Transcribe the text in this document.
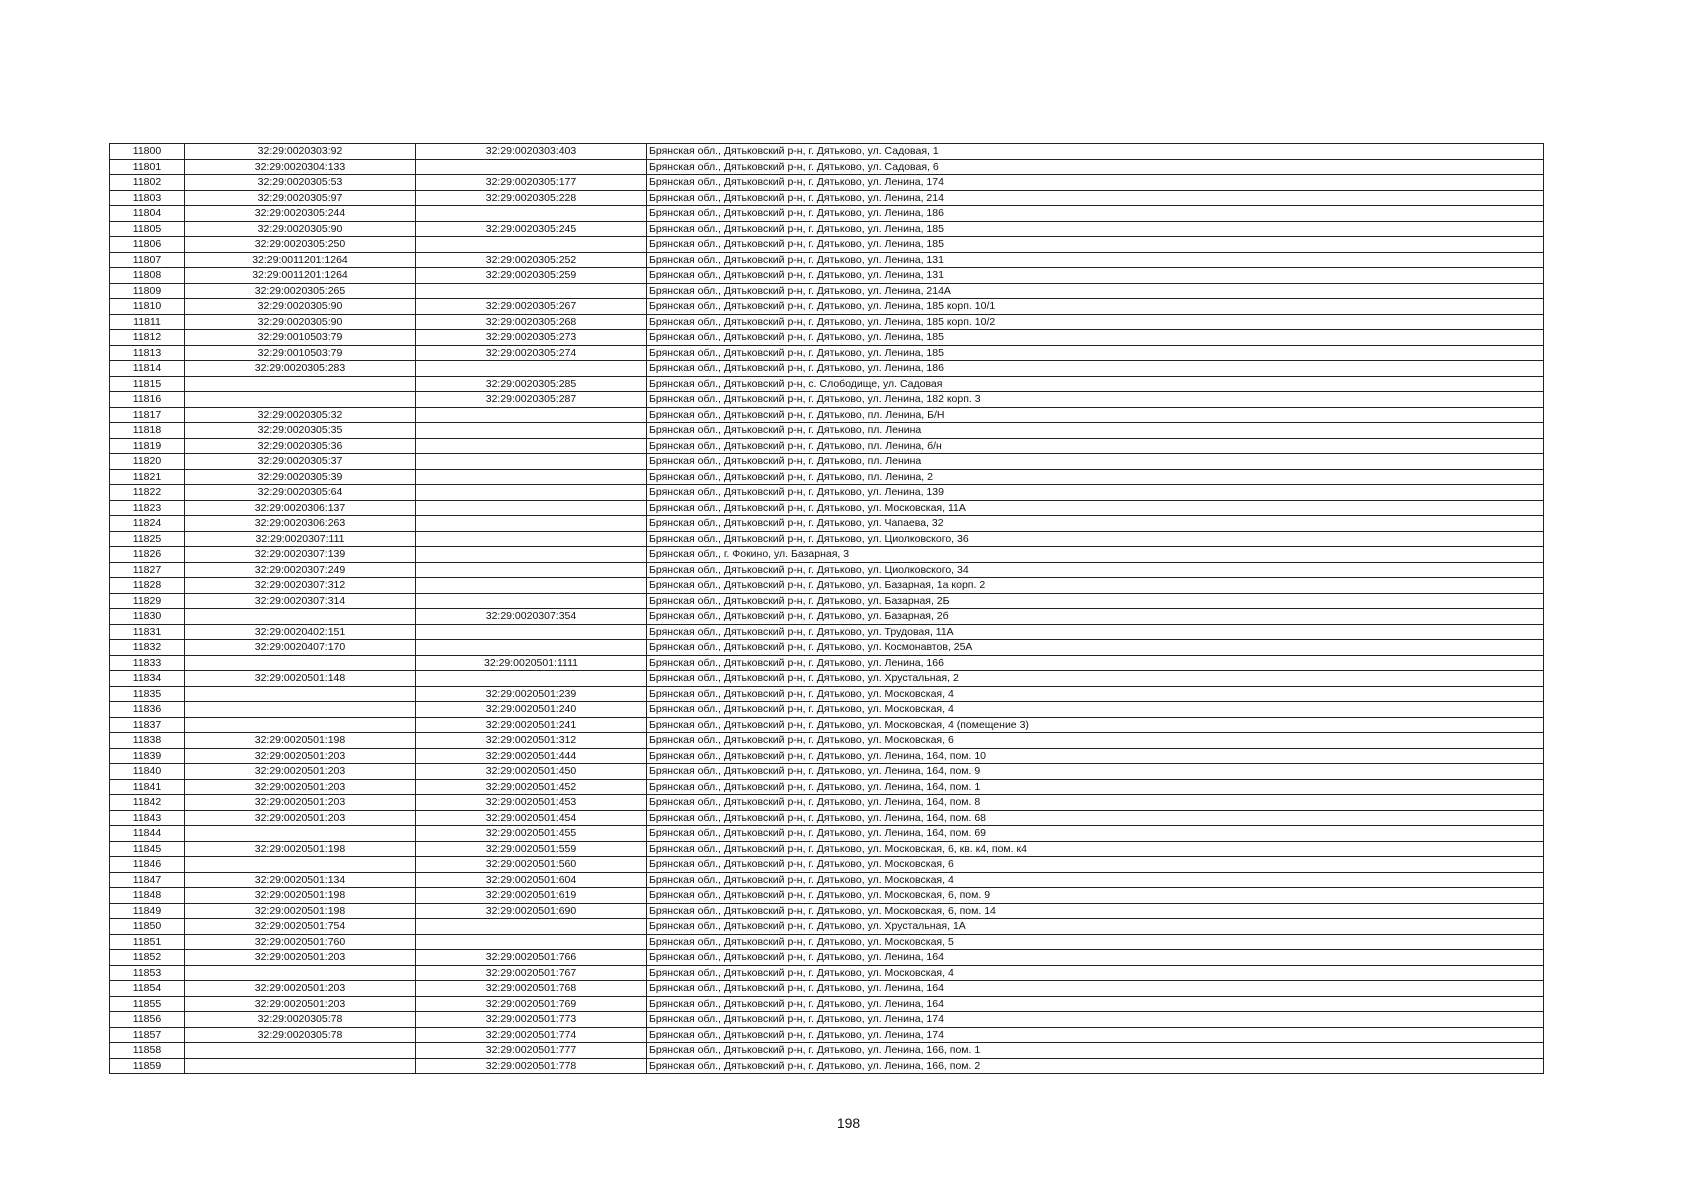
11800	32:29:0020303:92	32:29:0020303:403	Брянская обл., Дятьковский р-н, г. Дятьково, ул. Садовая, 1
11801	32:29:0020304:133		Брянская обл., Дятьковский р-н, г. Дятьково, ул. Садовая, 6
11802	32:29:0020305:53	32:29:0020305:177	Брянская обл., Дятьковский р-н, г. Дятьково, ул. Ленина, 174
11803	32:29:0020305:97	32:29:0020305:228	Брянская обл., Дятьковский р-н, г. Дятьково, ул. Ленина, 214
11804	32:29:0020305:244		Брянская обл., Дятьковский р-н, г. Дятьково, ул. Ленина, 186
11805	32:29:0020305:90	32:29:0020305:245	Брянская обл., Дятьковский р-н, г. Дятьково, ул. Ленина, 185
11806	32:29:0020305:250		Брянская обл., Дятьковский р-н, г. Дятьково, ул. Ленина, 185
11807	32:29:0011201:1264	32:29:0020305:252	Брянская обл., Дятьковский р-н, г. Дятьково, ул. Ленина, 131
11808	32:29:0011201:1264	32:29:0020305:259	Брянская обл., Дятьковский р-н, г. Дятьково, ул. Ленина, 131
11809	32:29:0020305:265		Брянская обл., Дятьковский р-н, г. Дятьково, ул. Ленина, 214А
11810	32:29:0020305:90	32:29:0020305:267	Брянская обл., Дятьковский р-н, г. Дятьково, ул. Ленина, 185 корп. 10/1
11811	32:29:0020305:90	32:29:0020305:268	Брянская обл., Дятьковский р-н, г. Дятьково, ул. Ленина, 185 корп. 10/2
11812	32:29:0010503:79	32:29:0020305:273	Брянская обл., Дятьковский р-н, г. Дятьково, ул. Ленина, 185
11813	32:29:0010503:79	32:29:0020305:274	Брянская обл., Дятьковский р-н, г. Дятьково, ул. Ленина, 185
11814	32:29:0020305:283		Брянская обл., Дятьковский р-н, г. Дятьково, ул. Ленина, 186
11815		32:29:0020305:285	Брянская обл., Дятьковский р-н, с. Слободище, ул. Садовая
11816		32:29:0020305:287	Брянская обл., Дятьковский р-н, г. Дятьково, ул. Ленина, 182 корп. 3
11817	32:29:0020305:32		Брянская обл., Дятьковский р-н, г. Дятьково, пл. Ленина, Б/Н
11818	32:29:0020305:35		Брянская обл., Дятьковский р-н, г. Дятьково, пл. Ленина
11819	32:29:0020305:36		Брянская обл., Дятьковский р-н, г. Дятьково, пл. Ленина, б/н
11820	32:29:0020305:37		Брянская обл., Дятьковский р-н, г. Дятьково, пл. Ленина
11821	32:29:0020305:39		Брянская обл., Дятьковский р-н, г. Дятьково, пл. Ленина, 2
11822	32:29:0020305:64		Брянская обл., Дятьковский р-н, г. Дятьково, ул. Ленина, 139
11823	32:29:0020306:137		Брянская обл., Дятьковский р-н, г. Дятьково, ул. Московская, 11А
11824	32:29:0020306:263		Брянская обл., Дятьковский р-н, г. Дятьково, ул. Чапаева, 32
11825	32:29:0020307:111		Брянская обл., Дятьковский р-н, г. Дятьково, ул. Циолковского, 36
11826	32:29:0020307:139		Брянская обл., г. Фокино, ул. Базарная, 3
11827	32:29:0020307:249		Брянская обл., Дятьковский р-н, г. Дятьково, ул. Циолковского, 34
11828	32:29:0020307:312		Брянская обл., Дятьковский р-н, г. Дятьково, ул. Базарная, 1а корп. 2
11829	32:29:0020307:314		Брянская обл., Дятьковский р-н, г. Дятьково, ул. Базарная, 2Б
11830		32:29:0020307:354	Брянская обл., Дятьковский р-н, г. Дятьково, ул. Базарная, 2б
11831	32:29:0020402:151		Брянская обл., Дятьковский р-н, г. Дятьково, ул. Трудовая, 11А
11832	32:29:0020407:170		Брянская обл., Дятьковский р-н, г. Дятьково, ул. Космонавтов, 25А
11833		32:29:0020501:1111	Брянская обл., Дятьковский р-н, г. Дятьково, ул. Ленина, 166
11834	32:29:0020501:148		Брянская обл., Дятьковский р-н, г. Дятьково, ул. Хрустальная, 2
11835		32:29:0020501:239	Брянская обл., Дятьковский р-н, г. Дятьково, ул. Московская, 4
11836		32:29:0020501:240	Брянская обл., Дятьковский р-н, г. Дятьково, ул. Московская, 4
11837		32:29:0020501:241	Брянская обл., Дятьковский р-н, г. Дятьково, ул. Московская, 4 (помещение 3)
11838	32:29:0020501:198	32:29:0020501:312	Брянская обл., Дятьковский р-н, г. Дятьково, ул. Московская, 6
11839	32:29:0020501:203	32:29:0020501:444	Брянская обл., Дятьковский р-н, г. Дятьково, ул. Ленина, 164, пом. 10
11840	32:29:0020501:203	32:29:0020501:450	Брянская обл., Дятьковский р-н, г. Дятьково, ул. Ленина, 164, пом. 9
11841	32:29:0020501:203	32:29:0020501:452	Брянская обл., Дятьковский р-н, г. Дятьково, ул. Ленина, 164, пом. 1
11842	32:29:0020501:203	32:29:0020501:453	Брянская обл., Дятьковский р-н, г. Дятьково, ул. Ленина, 164, пом. 8
11843	32:29:0020501:203	32:29:0020501:454	Брянская обл., Дятьковский р-н, г. Дятьково, ул. Ленина, 164, пом. 68
11844		32:29:0020501:455	Брянская обл., Дятьковский р-н, г. Дятьково, ул. Ленина, 164, пом. 69
11845	32:29:0020501:198	32:29:0020501:559	Брянская обл., Дятьковский р-н, г. Дятьково, ул. Московская, 6, кв. к4, пом. к4
11846		32:29:0020501:560	Брянская обл., Дятьковский р-н, г. Дятьково, ул. Московская, 6
11847	32:29:0020501:134	32:29:0020501:604	Брянская обл., Дятьковский р-н, г. Дятьково, ул. Московская, 4
11848	32:29:0020501:198	32:29:0020501:619	Брянская обл., Дятьковский р-н, г. Дятьково, ул. Московская, 6, пом. 9
11849	32:29:0020501:198	32:29:0020501:690	Брянская обл., Дятьковский р-н, г. Дятьково, ул. Московская, 6, пом. 14
11850	32:29:0020501:754		Брянская обл., Дятьковский р-н, г. Дятьково, ул. Хрустальная, 1А
11851	32:29:0020501:760		Брянская обл., Дятьковский р-н, г. Дятьково, ул. Московская, 5
11852	32:29:0020501:203	32:29:0020501:766	Брянская обл., Дятьковский р-н, г. Дятьково, ул. Ленина, 164
11853		32:29:0020501:767	Брянская обл., Дятьковский р-н, г. Дятьково, ул. Московская, 4
11854	32:29:0020501:203	32:29:0020501:768	Брянская обл., Дятьковский р-н, г. Дятьково, ул. Ленина, 164
11855	32:29:0020501:203	32:29:0020501:769	Брянская обл., Дятьковский р-н, г. Дятьково, ул. Ленина, 164
11856	32:29:0020305:78	32:29:0020501:773	Брянская обл., Дятьковский р-н, г. Дятьково, ул. Ленина, 174
11857	32:29:0020305:78	32:29:0020501:774	Брянская обл., Дятьковский р-н, г. Дятьково, ул. Ленина, 174
11858		32:29:0020501:777	Брянская обл., Дятьковский р-н, г. Дятьково, ул. Ленина, 166, пом. 1
11859		32:29:0020501:778	Брянская обл., Дятьковский р-н, г. Дятьково, ул. Ленина, 166, пом. 2
198
